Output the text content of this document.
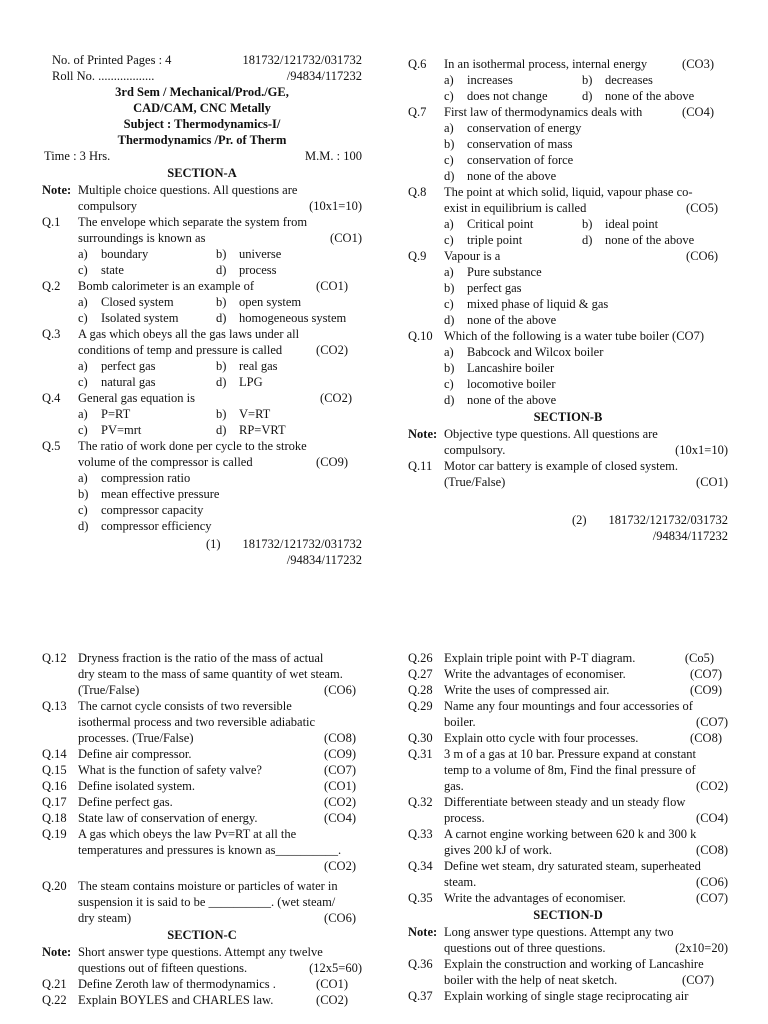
No. of Printed Pages : 4	181732/121732/031732
Roll No. ..................	/94834/117232
3rd Sem / Mechanical/Prod./GE,
CAD/CAM, CNC Metally
Subject : Thermodynamics-I/
Thermodynamics /Pr. of Therm
Time : 3 Hrs.	M.M. : 100
SECTION-A
Note: Multiple choice questions. All questions are
compulsory	(10x1=10)
Q.1	The envelope which separate the system from
surroundings is known as	(CO1)
a)	boundary	b)	universe
c)	state	d)	process
Q.2	Bomb calorimeter is an example of	(CO1)
a)	Closed system	b)	open system
c)	Isolated system	d)	homogeneous system
Q.3	A gas which obeys all the gas laws under all
conditions of temp and pressure is called	(CO2)
a)	perfect gas	b)	real gas
c)	natural gas	d)	LPG
Q.4	General gas equation is	(CO2)
a)	P=RT	b)	V=RT
c)	PV=mrt	d)	RP=VRT
Q.5	The ratio of work done per cycle to the stroke
volume of the compressor is called	(CO9)
a)	compression ratio
b)	mean effective pressure
c)	compressor capacity
d)	compressor efficiency
(1) 181732/121732/031732
/94834/117232
Q.6	In an isothermal process, internal energy	(CO3)
a)	increases	b)	decreases
c)	does not change	d)	none of the above
Q.7	First law of thermodynamics deals with	(CO4)
a)	conservation of energy
b)	conservation of mass
c)	conservation of force
d)	none of the above
Q.8	The point at which solid, liquid, vapour phase co-
exist in equilibrium is called	(CO5)
a)	Critical point	b)	ideal point
c)	triple point	d)	none of the above
Q.9	Vapour is a	(CO6)
a)	Pure substance
b)	perfect gas
c)	mixed phase of liquid & gas
d)	none of the above
Q.10 Which of the following is a water tube boiler (CO7)
a)	Babcock and Wilcox boiler
b)	Lancashire boiler
c)	locomotive boiler
d)	none of the above
SECTION-B
Note: Objective type questions. All questions are
compulsory.	(10x1=10)
Q.11 Motor car battery is example of closed system.
(True/False)	(CO1)
(2) 181732/121732/031732
/94834/117232
Q.12 Dryness fraction is the ratio of the mass of actual
dry steam to the mass of same quantity of wet steam.
(True/False)	(CO6)
Q.13 The carnot cycle consists of two reversible
isothermal process and two reversible adiabatic
processes. (True/False)	(CO8)
Q.14 Define air compressor.	(CO9)
Q.15 What is the function of safety valve?	(CO7)
Q.16 Define isolated system.	(CO1)
Q.17 Define perfect gas.	(CO2)
Q.18 State law of conservation of energy.	(CO4)
Q.19 A gas which obeys the law Pv=RT at all the
temperatures and pressures is known as__________.
(CO2)
Q.20 The steam contains moisture or particles of water in
suspension it is said to be __________. (wet steam/
dry steam)	(CO6)
SECTION-C
Note: Short answer type questions. Attempt any twelve
questions out of fifteen questions.	(12x5=60)
Q.21 Define Zeroth law of thermodynamics .	(CO1)
Q.22 Explain BOYLES and CHARLES law.	(CO2)
Q.26 Explain triple point with P-T diagram.	(Co5)
Q.27 Write the advantages of economiser.	(CO7)
Q.28 Write the uses of compressed air.	(CO9)
Q.29 Name any four mountings and four accessories of
boiler.	(CO7)
Q.30 Explain otto cycle with four processes.	(CO8)
Q.31 3 m of a gas at 10 bar. Pressure expand at constant
temp to a volume of 8m, Find the final pressure of
gas.	(CO2)
Q.32 Differentiate between steady and un steady flow
process.	(CO4)
Q.33 A carnot engine working between 620 k and 300 k
gives 200 kJ of work.	(CO8)
Q.34 Define wet steam, dry saturated steam, superheated
steam.	(CO6)
Q.35 Write the advantages of economiser.	(CO7)
SECTION-D
Note: Long answer type questions. Attempt any two
questions out of three questions.	(2x10=20)
Q.36 Explain the construction and working of Lancashire
boiler with the help of neat sketch.	(CO7)
Q.37 Explain working of single stage reciprocating air
